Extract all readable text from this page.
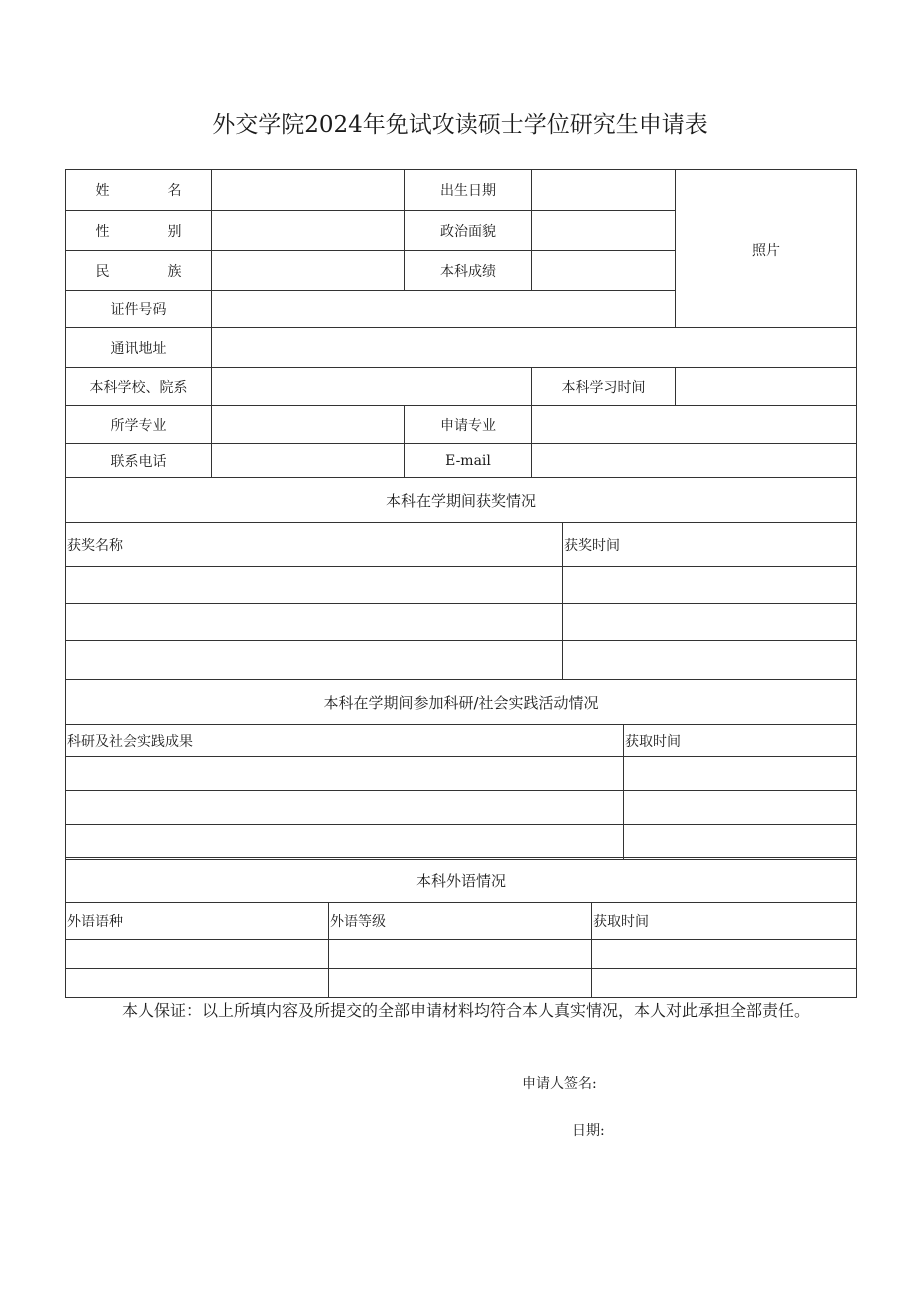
外交学院2024年免试攻读硕士学位研究生申请表
姓　名		出生日期		照片
性　别		政治面貌		
民　族		本科成绩		
证件号码				
通讯地址				
本科学校、院系			本科学习时间	
所学专业		申请专业		
联系电话		E-mail		
本科在学期间获奖情况	
获奖名称	获奖时间

本科在学期间参加科研/社会实践活动情况	
科研及社会实践成果	获取时间

本科外语情况		
外语语种	外语等级	获取时间

本人保证：以上所填内容及所提交的全部申请材料均符合本人真实情况，本人对此承担全部责任。
申请人签名:
日期:
